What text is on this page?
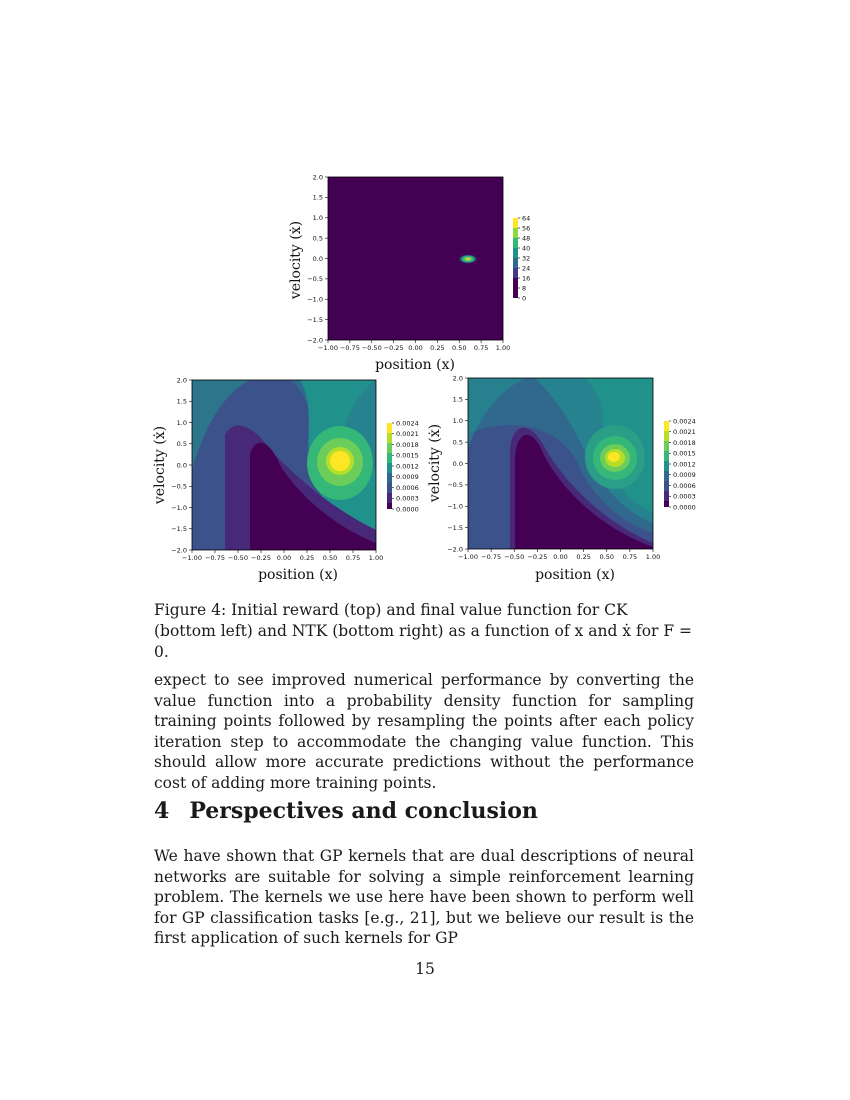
−2.0
−1.5
−1.0
−0.5
0.0
0.5
1.0
1.5
2.0
−1.00 −0.75 −0.50 −0.25 0.00 0.25 0.50 0.75 1.00
0
8
16
24
32
40
48
56
64
position (x)
velocity (ẋ)
−2.0
−1.5
−1.0
−0.5
0.0
0.5
1.0
1.5
2.0
−1.00 −0.75 −0.50 −0.25 0.00 0.25 0.50 0.75 1.00
0.0000
0.0003
0.0006
0.0009
0.0012
0.0015
0.0018
0.0021
0.0024
position (x)
velocity (ẋ)
−2.0
−1.5
−1.0
−0.5
0.0
0.5
1.0
1.5
2.0
−1.00 −0.75 −0.50 −0.25 0.00 0.25 0.50 0.75 1.00
0.0000
0.0003
0.0006
0.0009
0.0012
0.0015
0.0018
0.0021
0.0024
position (x)
velocity (ẋ)
Figure 4: Initial reward (top) and final value function for CK (bottom left) and NTK (bottom right) as a function of x and ẋ for F = 0.
expect to see improved numerical performance by converting the value function into a probability density function for sampling training points followed by resampling the points after each policy iteration step to accommodate the changing value function. This should allow more accurate predictions without the performance cost of adding more training points.
4 Perspectives and conclusion
We have shown that GP kernels that are dual descriptions of neural networks are suitable for solving a simple reinforcement learning problem. The kernels we use here have been shown to perform well for GP classification tasks [e.g., 21], but we believe our result is the first application of such kernels for GP
15
